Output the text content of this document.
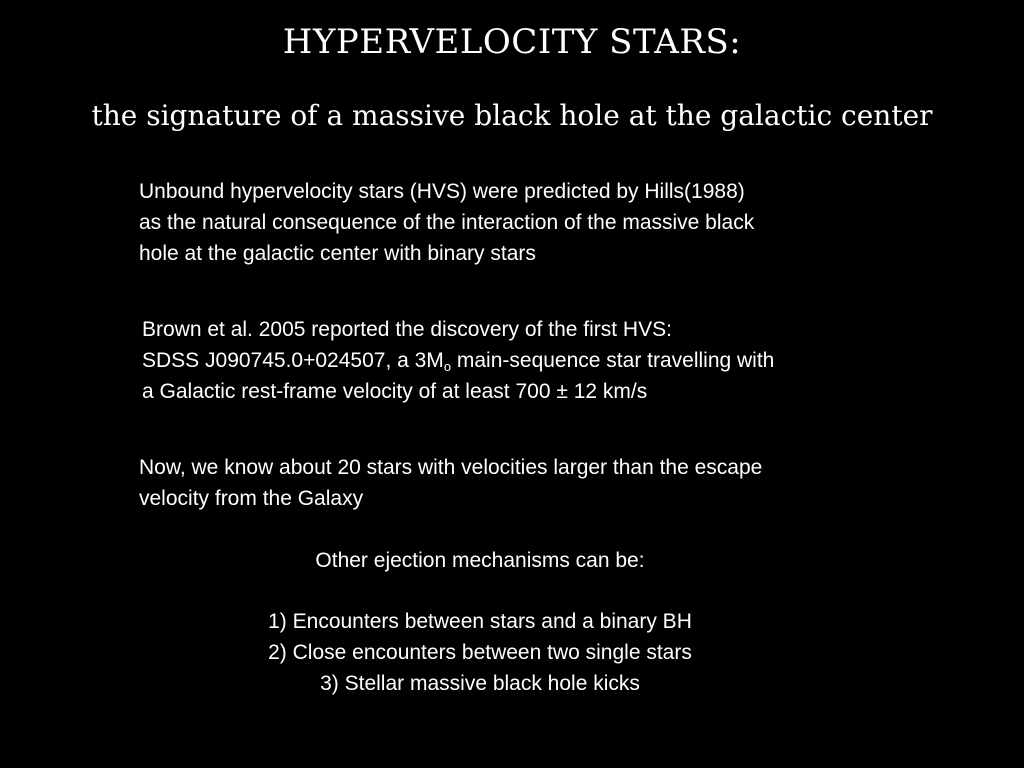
HYPERVELOCITY STARS:
the signature of a massive black hole at the galactic center

Unbound hypervelocity stars (HVS) were predicted by Hills(1988)
as the natural consequence of the interaction of the massive black
hole at the galactic center with binary stars

Brown et al. 2005 reported the discovery of the first HVS:
SDSS J090745.0+024507, a $3M_o$ main-sequence star travelling with
a Galactic rest-frame velocity of at least 700 ± 12 km/s

Now, we know about 20 stars with velocities larger than the escape
velocity from the Galaxy

Other ejection mechanisms can be:
1) Encounters between stars and a binary BH
2) Close encounters between two single stars
3) Stellar massive black hole kicks
